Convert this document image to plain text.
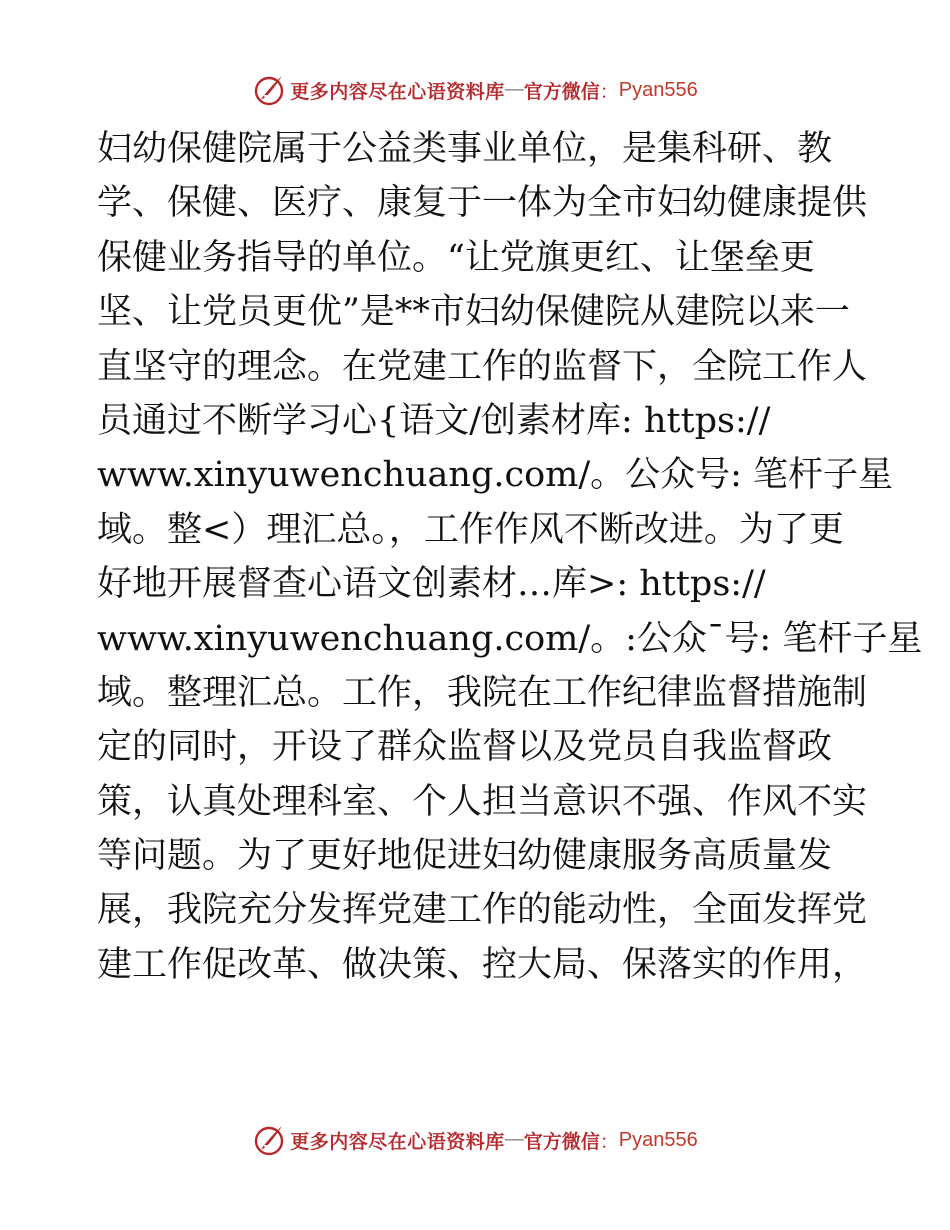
更多内容尽在心语资料库 — 官方微信 ： Pyan556
妇幼保健院属于公益类事业单位，是集科研、教
学、保健、医疗、康复于一体为全市妇幼健康提供
保健业务指导的单位。“让党旗更红、让堡垒更
坚、让党员更优”是**市妇幼保健院从建院以来一
直坚守的理念。在党建工作的监督下，全院工作人
员通过不断学习心{语文/创素材库: https://
www.xinyuwenchuang.com/。公众号: 笔杆子星
域。整<）理汇总。，工作作风不断改进。为了更
好地开展督查心语文创素材…库>: https://
www.xinyuwenchuang.com/。:公众¯号: 笔杆子星
域。整理汇总。工作，我院在工作纪律监督措施制
定的同时，开设了群众监督以及党员自我监督政
策，认真处理科室、个人担当意识不强、作风不实
等问题。为了更好地促进妇幼健康服务高质量发
展，我院充分发挥党建工作的能动性，全面发挥党
建工作促改革、做决策、控大局、保落实的作用，
更多内容尽在心语资料库 — 官方微信 ： Pyan556
